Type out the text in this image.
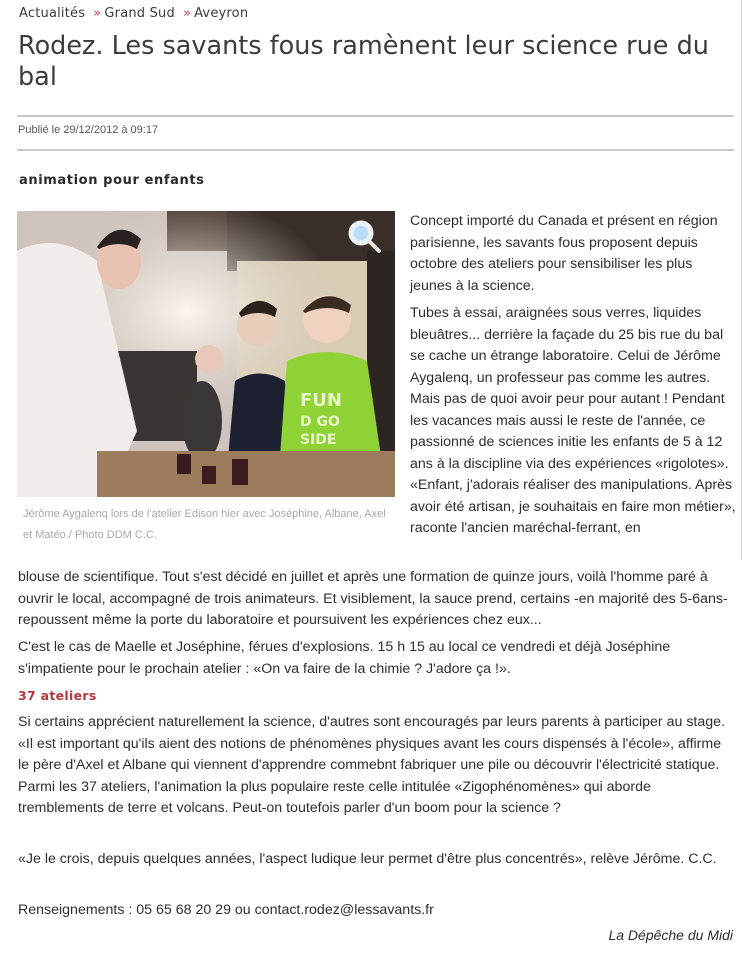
Actualités » Grand Sud » Aveyron
Rodez. Les savants fous ramènent leur science rue du bal
Publié le 29/12/2012 à 09:17
animation pour enfants
FUN
D GO
SIDE
Jérôme Aygalenq lors de l'atelier Edison hier avec Joséphine, Albane, Axel et Matéo./ Photo DDM C.C.

Concept importé du Canada et présent en région parisienne, les savants fous proposent depuis octobre des ateliers pour sensibiliser les plus jeunes à la science.

Tubes à essai, araignées sous verres, liquides bleuâtres... derrière la façade du 25 bis rue du bal se cache un étrange laboratoire. Celui de Jérôme Aygalenq, un professeur pas comme les autres. Mais pas de quoi avoir peur pour autant ! Pendant les vacances mais aussi le reste de l'année, ce passionné de sciences initie les enfants de 5 à 12 ans à la discipline via des expériences «rigolotes». «Enfant, j'adorais réaliser des manipulations. Après avoir été artisan, je souhaitais en faire mon métier», raconte l'ancien maréchal-ferrant, en

blouse de scientifique. Tout s'est décidé en juillet et après une formation de quinze jours, voilà l'homme paré à ouvrir le local, accompagné de trois animateurs. Et visiblement, la sauce prend, certains -en majorité des 5-6ans- repoussent même la porte du laboratoire et poursuivent les expériences chez eux...

C'est le cas de Maelle et Joséphine, férues d'explosions. 15 h 15 au local ce vendredi et déjà Joséphine s'impatiente pour le prochain atelier : «On va faire de la chimie ? J'adore ça !».

37 ateliers

Si certains apprécient naturellement la science, d'autres sont encouragés par leurs parents à participer au stage. «Il est important qu'ils aient des notions de phénomènes physiques avant les cours dispensés à l'école», affirme le père d'Axel et Albane qui viennent d'apprendre commebnt fabriquer une pile ou découvrir l'électricité statique. Parmi les 37 ateliers, l'animation la plus populaire reste celle intitulée «Zigophénomènes» qui aborde tremblements de terre et volcans. Peut-on toutefois parler d'un boom pour la science ?

«Je le crois, depuis quelques années, l'aspect ludique leur permet d'être plus concentrés», relève Jérôme. C.C.

Renseignements : 05 65 68 20 29 ou contact.rodez@lessavants.fr

La Dépêche du Midi
